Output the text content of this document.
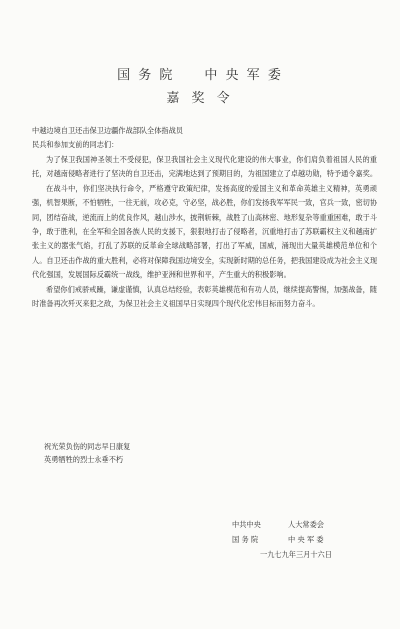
国 务 院　　中 央 军 委
嘉 奖 令
中越边境自卫还击保卫边疆作战部队全体指战员
民兵和参加支前的同志们：

为了保卫我国神圣领土不受侵犯，保卫我国社会主义现代化建设的伟大事业，你们肩负着祖国人民的重托，对越南侵略者进行了坚决的自卫还击，完满地达到了预期目的，为祖国建立了卓越功勋，特予通令嘉奖。

在战斗中，你们坚决执行命令，严格遵守政策纪律，发扬高度的爱国主义和革命英雄主义精神，英勇顽强，机智果断，不怕牺牲，一往无前，攻必克，守必坚，战必胜，你们发扬我军军民一致，官兵一致，密切协同，团结奋战，逆流而上的优良作风，越山涉水，披荆斩棘，战胜了山高林密、地形复杂等重重困难，敢于斗争，敢于胜利，在全军和全国各族人民的支援下，狠狠地打击了侵略者，沉重地打击了苏联霸权主义和越南扩张主义的嚣张气焰，打乱了苏联的反革命全球战略部署，打出了军威，国威，涌现出大量英雄模范单位和个人。自卫还击作战的重大胜利，必将对保障我国边境安全，实现新时期的总任务，把我国建设成为社会主义现代化强国，发展国际反霸统一战线，维护亚洲和世界和平，产生重大的积极影响。

希望你们戒骄戒躁，谦虚谨慎，认真总结经验，表彰英雄模范和有功人员，继续提高警惕，加强战备，随时准备再次歼灭来犯之敌，为保卫社会主义祖国早日实现四个现代化宏伟目标而努力奋斗。

祝光荣负伤的同志早日康复
英勇牺牲的烈士永垂不朽
中共中央	人大常委会
国 务 院	中 央 军 委
一九七九年三月十六日
